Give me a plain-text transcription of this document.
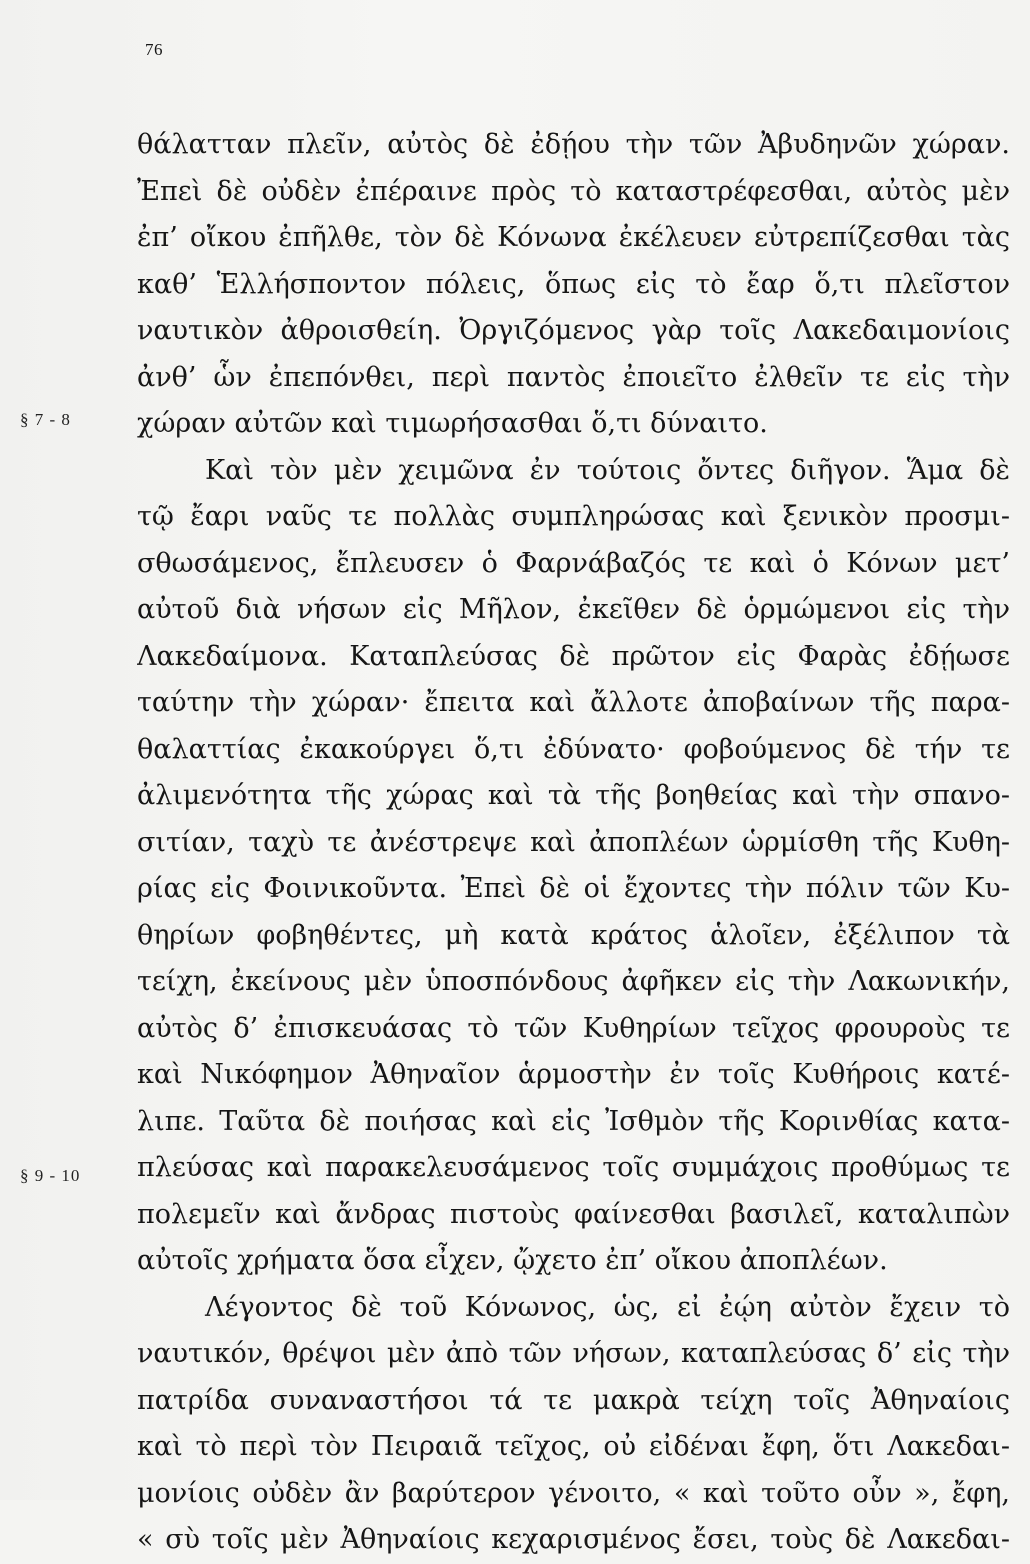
76
§ 7 - 8
§ 9 - 10
θάλατταν πλεῖν, αὐτὸς δὲ ἐδῄου τὴν τῶν Ἀβυδηνῶν χώραν.
Ἐπεὶ δὲ οὐδὲν ἐπέραινε πρὸς τὸ καταστρέφεσθαι, αὐτὸς μὲν
ἐπ’ οἴκου ἐπῆλθε, τὸν δὲ Κόνωνα ἐκέλευεν εὐτρεπίζεσθαι τὰς
καθ’ Ἑλλήσποντον πόλεις, ὅπως εἰς τὸ ἔαρ ὅ,τι πλεῖστον
ναυτικὸν ἀθροισθείη. Ὀργιζόμενος γὰρ τοῖς Λακεδαιμονίοις
ἀνθ’ ὧν ἐπεπόνθει, περὶ παντὸς ἐποιεῖτο ἐλθεῖν τε εἰς τὴν
χώραν αὐτῶν καὶ τιμωρήσασθαι ὅ,τι δύναιτο.
Καὶ τὸν μὲν χειμῶνα ἐν τούτοις ὄντες διῆγον. Ἅμα δὲ
τῷ ἔαρι ναῦς τε πολλὰς συμπληρώσας καὶ ξενικὸν προσμι-
σθωσάμενος, ἔπλευσεν ὁ Φαρνάβαζός τε καὶ ὁ Κόνων μετ’
αὐτοῦ διὰ νήσων εἰς Μῆλον, ἐκεῖθεν δὲ ὁρμώμενοι εἰς τὴν
Λακεδαίμονα. Καταπλεύσας δὲ πρῶτον εἰς Φαρὰς ἐδῄωσε
ταύτην τὴν χώραν· ἔπειτα καὶ ἄλλοτε ἀποβαίνων τῆς παρα-
θαλαττίας ἐκακούργει ὅ,τι ἐδύνατο· φοβούμενος δὲ τήν τε
ἀλιμενότητα τῆς χώρας καὶ τὰ τῆς βοηθείας καὶ τὴν σπανο-
σιτίαν, ταχὺ τε ἀνέστρεψε καὶ ἀποπλέων ὡρμίσθη τῆς Κυθη-
ρίας εἰς Φοινικοῦντα. Ἐπεὶ δὲ οἱ ἔχοντες τὴν πόλιν τῶν Κυ-
θηρίων φοβηθέντες, μὴ κατὰ κράτος ἁλοῖεν, ἐξέλιπον τὰ
τείχη, ἐκείνους μὲν ὑποσπόνδους ἀφῆκεν εἰς τὴν Λακωνικήν,
αὐτὸς δ’ ἐπισκευάσας τὸ τῶν Κυθηρίων τεῖχος φρουροὺς τε
καὶ Νικόφημον Ἀθηναῖον ἁρμοστὴν ἐν τοῖς Κυθήροις κατέ-
λιπε. Ταῦτα δὲ ποιήσας καὶ εἰς Ἰσθμὸν τῆς Κορινθίας κατα-
πλεύσας καὶ παρακελευσάμενος τοῖς συμμάχοις προθύμως τε
πολεμεῖν καὶ ἄνδρας πιστοὺς φαίνεσθαι βασιλεῖ, καταλιπὼν
αὐτοῖς χρήματα ὅσα εἶχεν, ᾤχετο ἐπ’ οἴκου ἀποπλέων.
Λέγοντος δὲ τοῦ Κόνωνος, ὡς, εἰ ἐῴη αὐτὸν ἔχειν τὸ
ναυτικόν, θρέψοι μὲν ἀπὸ τῶν νήσων, καταπλεύσας δ’ εἰς τὴν
πατρίδα συναναστήσοι τά τε μακρὰ τείχη τοῖς Ἀθηναίοις
καὶ τὸ περὶ τὸν Πειραιᾶ τεῖχος, οὐ εἰδέναι ἔφη, ὅτι Λακεδαι-
μονίοις οὐδὲν ἂν βαρύτερον γένοιτο, « καὶ τοῦτο οὖν », ἔφη,
« σὺ τοῖς μὲν Ἀθηναίοις κεχαρισμένος ἔσει, τοὺς δὲ Λακεδαι-
